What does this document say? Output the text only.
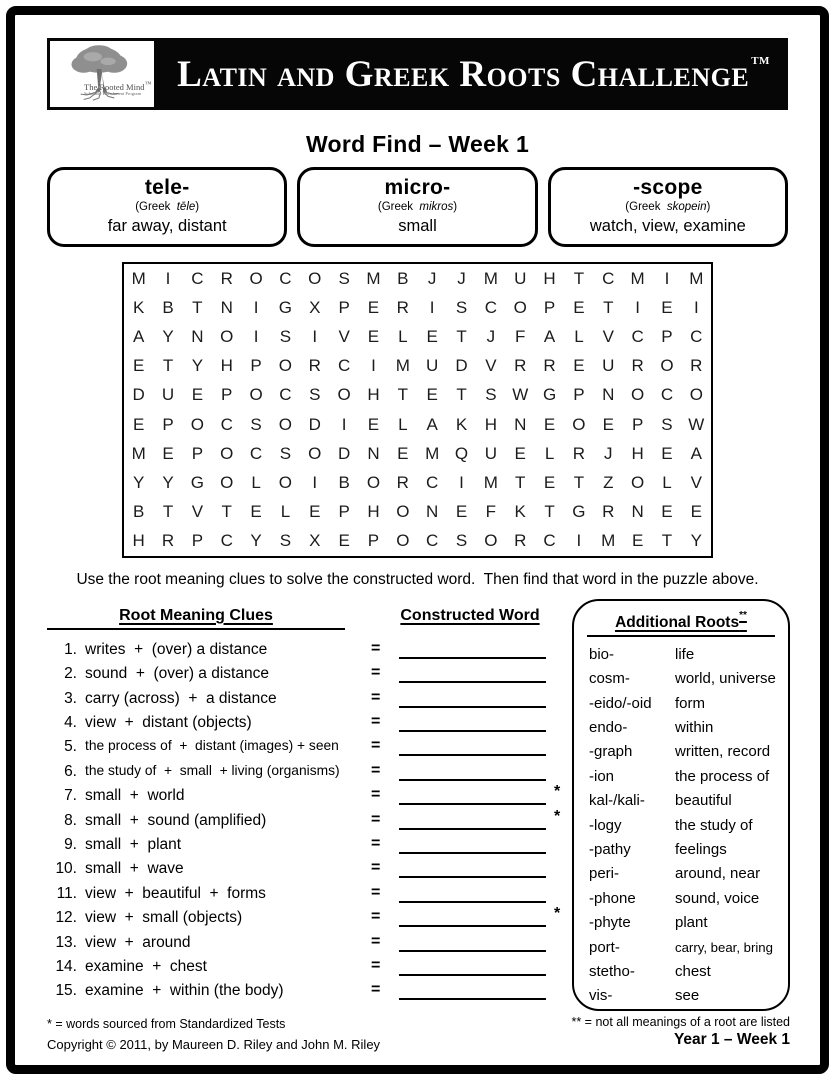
The Rooted Mind™
Scholarly Enrichment Program Latin and Greek Roots Challenge TM
Word Find – Week 1
tele-
(Greek  tēle)
far away, distant
micro-
(Greek  mikros)
small
-scope
(Greek  skopein)
watch, view, examine
M	I	C	R O C O	S M B	J	J	M U	H	T	C M	I	M
K	B	T	N	I	G	X	P	E	R	I	S	C O	P	E	T	I	E	I
A	Y	N O	I	S	I	V	E	L	E	T	J	F	A	L	V	C	P	C
E	T	Y	H	P	O R	C	I	M U	D	V	R	R	E	U	R O R
D	U	E	P	O C	S	O H	T	E	T	S W G	P	N O C O
E	P	O C	S	O D	I	E	L	A	K	H	N	E	O	E	P	S W
M E	P	O C	S	O D	N	E M Q U	E	L	R	J	H	E	A
Y	Y	G O	L	O	I	B	O R	C	I	M	T	E	T	Z	O	L	V
B	T	V	T	E	L	E	P	H O N	E	F	K	T	G R	N	E	E
H	R	P	C	Y	S	X	E	P	O C	S	O R	C	I	M E	T	Y
Use the root meaning clues to solve the constructed word.  Then find that word in the puzzle above.
Root Meaning Clues	Constructed Word
1. writes  +  (over) a distance	=
2. sound  +  (over) a distance	=
3. carry (across)  +  a distance	=
4. view  +  distant (objects)	=
5. the process of  +  distant (images) + seen =
6. the study of  +  small  + living (organisms) =
7. small  +  world	=	*
8. small  +  sound (amplified)	=	*
9. small  +  plant	=
10. small  +  wave	=
11. view  +  beautiful  +  forms	=
12. view  +  small (objects)	=	*
13. view  +  around	=
14. examine  +  chest	=
15. examine  +  within (the body)	=
Additional Roots**
bio-	life
cosm-	world, universe
-eido/-oid form
endo-	within
-graph	written, record
-ion	the process of
kal-/kali- beautiful
-logy	the study of
-pathy	feelings
peri-	around, near
-phone	sound, voice
-phyte	plant
port-	carry, bear, bring
stetho-	chest
vis-	see
* = words sourced from Standardized Tests
Copyright © 2011, by Maureen D. Riley and John M. Riley
** = not all meanings of a root are listed
Year 1 – Week 1
